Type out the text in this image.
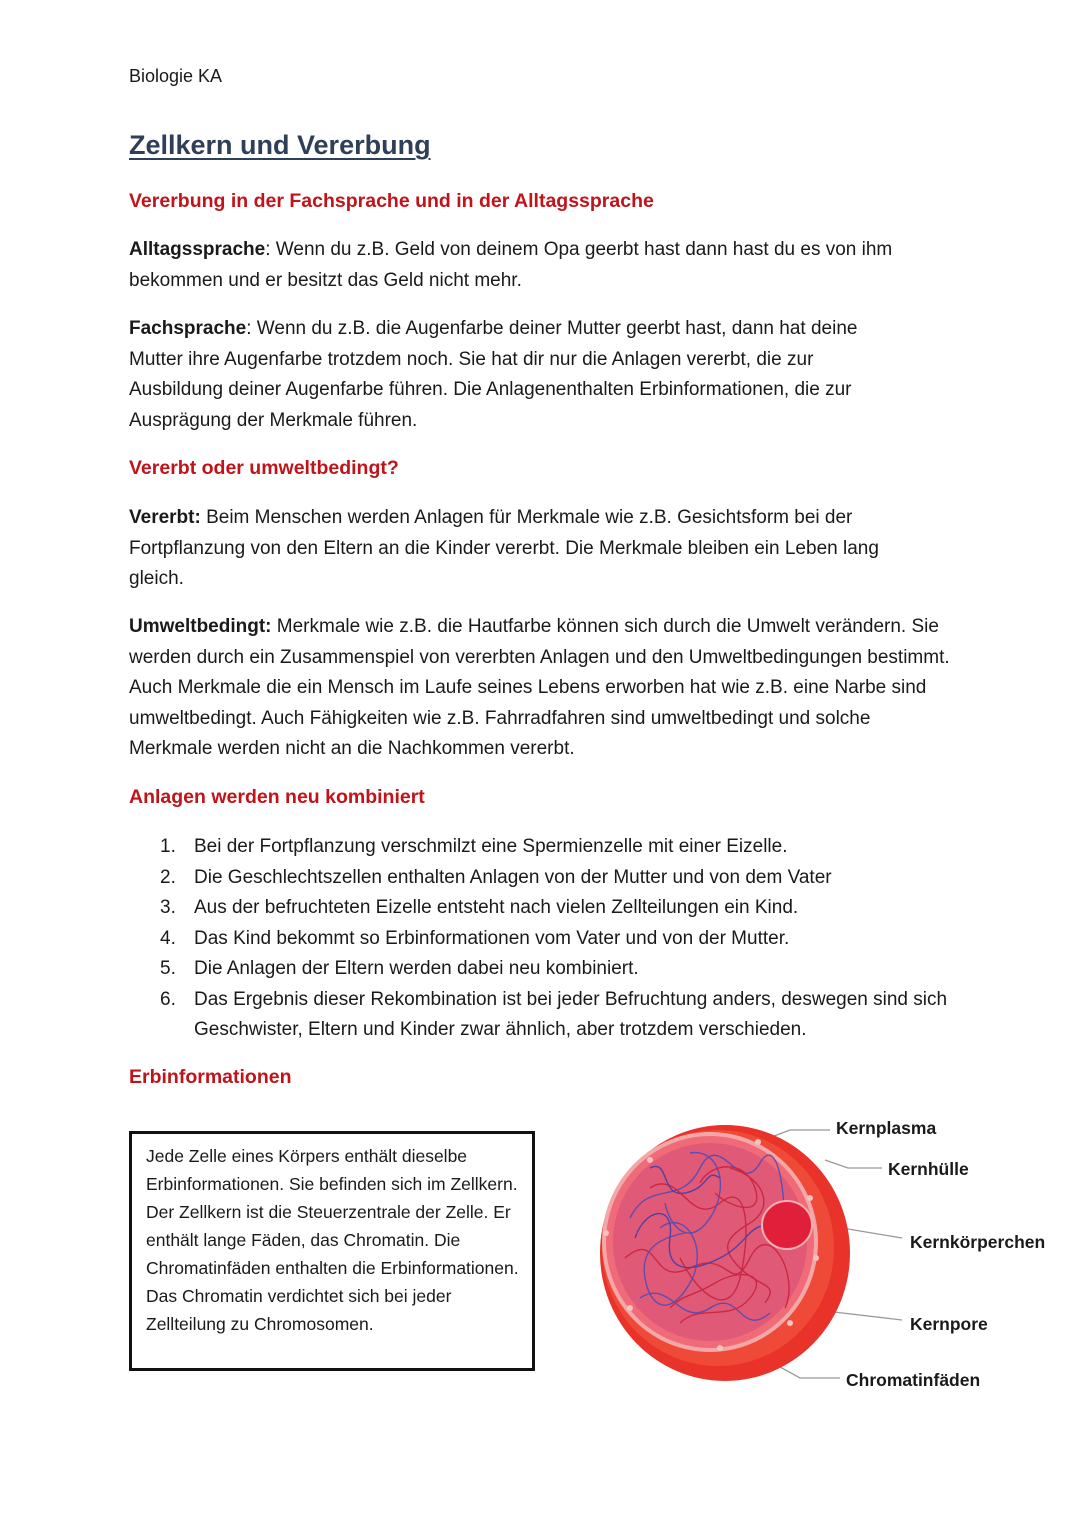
Biologie KA
Zellkern und Vererbung
Vererbung in der Fachsprache und in der Alltagssprache

Alltagssprache: Wenn du z.B. Geld von deinem Opa geerbt hast dann hast du es von ihm bekommen und er besitzt das Geld nicht mehr.

Fachsprache: Wenn du z.B. die Augenfarbe deiner Mutter geerbt hast, dann hat deine Mutter ihre Augenfarbe trotzdem noch. Sie hat dir nur die Anlagen vererbt, die zur Ausbildung deiner Augenfarbe führen. Die Anlagenenthalten Erbinformationen, die zur Ausprägung der Merkmale führen.

Vererbt oder umweltbedingt?

Vererbt: Beim Menschen werden Anlagen für Merkmale wie z.B. Gesichtsform bei der Fortpflanzung von den Eltern an die Kinder vererbt. Die Merkmale bleiben ein Leben lang gleich.

Umweltbedingt: Merkmale wie z.B. die Hautfarbe können sich durch die Umwelt verändern. Sie werden durch ein Zusammenspiel von vererbten Anlagen und den Umweltbedingungen bestimmt. Auch Merkmale die ein Mensch im Laufe seines Lebens erworben hat wie z.B. eine Narbe sind umweltbedingt. Auch Fähigkeiten wie z.B. Fahrradfahren sind umweltbedingt und solche Merkmale werden nicht an die Nachkommen vererbt.

Anlagen werden neu kombiniert
1. Bei der Fortpflanzung verschmilzt eine Spermienzelle mit einer Eizelle.
2. Die Geschlechtszellen enthalten Anlagen von der Mutter und von dem Vater
3. Aus der befruchteten Eizelle entsteht nach vielen Zellteilungen ein Kind.
4. Das Kind bekommt so Erbinformationen vom Vater und von der Mutter.
5. Die Anlagen der Eltern werden dabei neu kombiniert.
6. Das Ergebnis dieser Rekombination ist bei jeder Befruchtung anders, deswegen sind sich Geschwister, Eltern und Kinder zwar ähnlich, aber trotzdem verschieden.
Erbinformationen

Jede Zelle eines Körpers enthält dieselbe Erbinformationen. Sie befinden sich im Zellkern. Der Zellkern ist die Steuerzentrale der Zelle. Er enthält lange Fäden, das Chromatin. Die Chromatinfäden enthalten die Erbinformationen. Das Chromatin verdichtet sich bei jeder Zellteilung zu Chromosomen.

Kernplasma
Kernhülle
Kernkörperchen
Kernpore
Chromatinfäden
